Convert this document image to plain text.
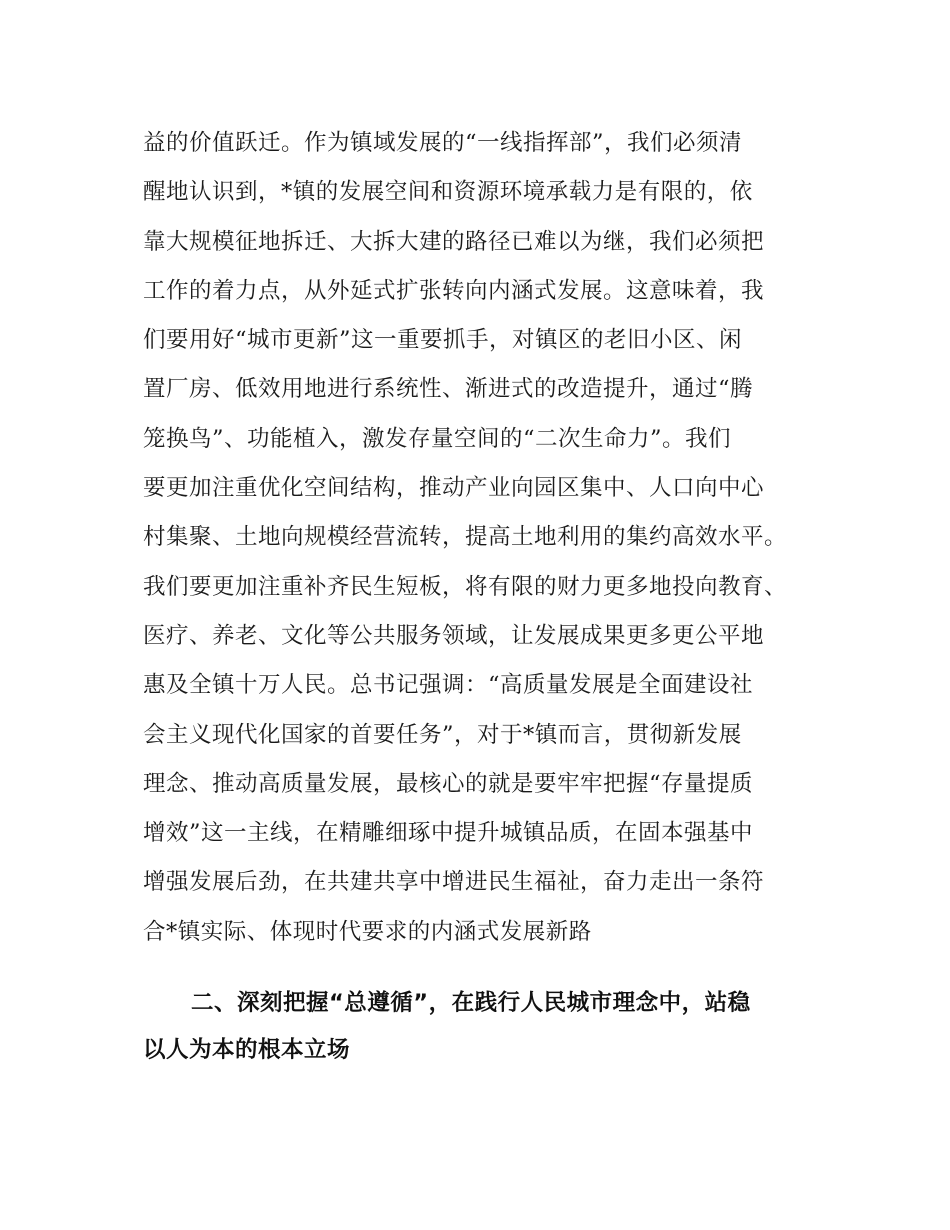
益的价值跃迁。作为镇域发展的“一线指挥部”，我们必须清
醒地认识到，*镇的发展空间和资源环境承载力是有限的，依
靠大规模征地拆迁、大拆大建的路径已难以为继，我们必须把
工作的着力点，从外延式扩张转向内涵式发展。这意味着，我
们要用好“城市更新”这一重要抓手，对镇区的老旧小区、闲
置厂房、低效用地进行系统性、渐进式的改造提升，通过“腾
笼换鸟”、功能植入，激发存量空间的“二次生命力”。我们
要更加注重优化空间结构，推动产业向园区集中、人口向中心
村集聚、土地向规模经营流转，提高土地利用的集约高效水平。
我们要更加注重补齐民生短板，将有限的财力更多地投向教育、
医疗、养老、文化等公共服务领域，让发展成果更多更公平地
惠及全镇十万人民。总书记强调：“高质量发展是全面建设社
会主义现代化国家的首要任务”，对于*镇而言，贯彻新发展
理念、推动高质量发展，最核心的就是要牢牢把握“存量提质
增效”这一主线，在精雕细琢中提升城镇品质，在固本强基中
增强发展后劲，在共建共享中增进民生福祉，奋力走出一条符
合*镇实际、体现时代要求的内涵式发展新路
二、深刻把握“总遵循”，在践行人民城市理念中，站稳
以人为本的根本立场
